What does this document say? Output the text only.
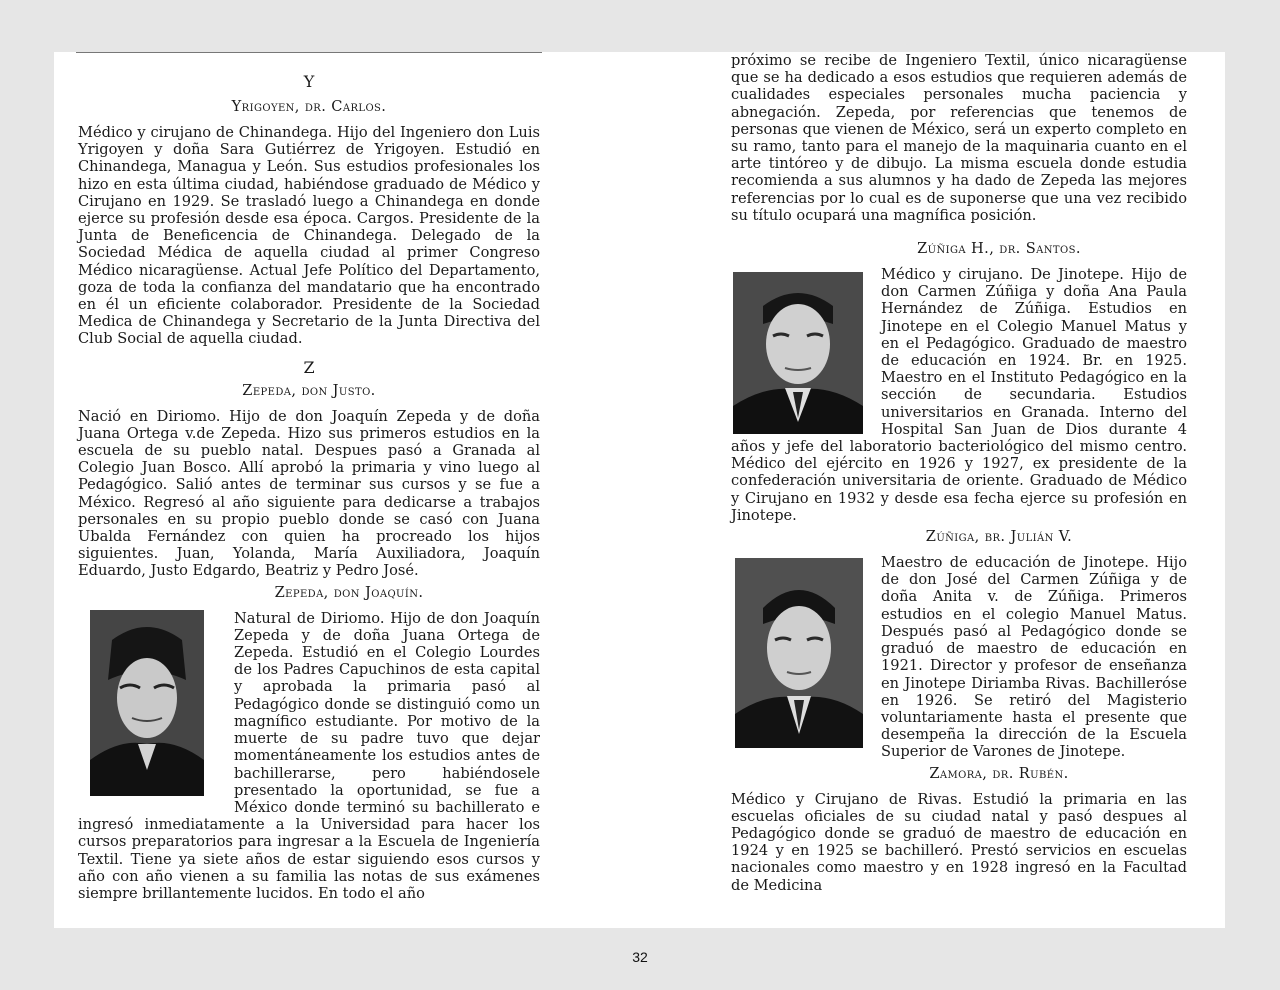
Y
Yrigoyen, dr. Carlos.

Médico y cirujano de Chinandega. Hijo del Ingeniero don Luis Yrigoyen y doña Sara Gutiérrez de Yrigoyen. Estudió en Chinandega, Managua y León. Sus estudios profesionales los hizo en esta última ciudad, habiéndose graduado de Médico y Cirujano en 1929. Se trasladó luego a Chinandega en donde ejerce su profesión desde esa época. Cargos. Presidente de la Junta de Beneficencia de Chinandega. Delegado de la Sociedad Médica de aquella ciudad al primer Congreso Médico nicaragüense. Actual Jefe Político del Departamento, goza de toda la confianza del mandatario que ha encontrado en él un eficiente colaborador. Presidente de la Sociedad Medica de Chinandega y Secretario de la Junta Directiva del Club Social de aquella ciudad.

Z
Zepeda, don Justo.

Nació en Diriomo. Hijo de don Joaquín Zepeda y de doña Juana Ortega v.de Zepeda. Hizo sus primeros estudios en la escuela de su pueblo natal. Despues pasó a Granada al Colegio Juan Bosco. Allí aprobó la primaria y vino luego al Pedagógico. Salió antes de terminar sus cursos y se fue a México. Regresó al año siguiente para dedicarse a trabajos personales en su propio pueblo donde se casó con Juana Ubalda Fernández con quien ha procreado los hijos siguientes. Juan, Yolanda, María Auxiliadora, Joaquín Eduardo, Justo Edgardo, Beatriz y Pedro José.

Zepeda, don Joaquín.

Natural de Diriomo. Hijo de don Joaquín Zepeda y de doña Juana Ortega de Zepeda. Estudió en el Colegio Lourdes de los Padres Capuchinos de esta capital y aprobada la primaria pasó al Pedagógico donde se distinguió como un magnífico estudiante. Por motivo de la muerte de su padre tuvo que dejar momentáneamente los estudios antes de bachillerarse, pero habiéndosele presentado la oportunidad, se fue a México donde terminó su bachillerato e ingresó inmediatamente a la Universidad para hacer los cursos preparatorios para ingresar a la Escuela de Ingeniería Textil. Tiene ya siete años de estar siguiendo esos cursos y año con año vienen a su familia las notas de sus exámenes siempre brillantemente lucidos. En todo el año

próximo se recibe de Ingeniero Textil, único nicaragüense que se ha dedicado a esos estudios que requieren además de cualidades especiales personales mucha paciencia y abnegación. Zepeda, por referencias que tenemos de personas que vienen de México, será un experto completo en su ramo, tanto para el manejo de la maquinaria cuanto en el arte tintóreo y de dibujo. La misma escuela donde estudia recomienda a sus alumnos y ha dado de Zepeda las mejores referencias por lo cual es de suponerse que una vez recibido su título ocupará una magnífica posición.

Zúñiga H., dr. Santos.

Médico y cirujano. De Jinotepe. Hijo de don Carmen Zúñiga y doña Ana Paula Hernández de Zúñiga. Estudios en Jinotepe en el Colegio Manuel Matus y en el Pedagógico. Graduado de maestro de educación en 1924. Br. en 1925. Maestro en el Instituto Pedagógico en la sección de secundaria. Estudios universitarios en Granada. Interno del Hospital San Juan de Dios durante 4 años y jefe del laboratorio bacteriológico del mismo centro. Médico del ejército en 1926 y 1927, ex presidente de la confederación universitaria de oriente. Graduado de Médico y Cirujano en 1932 y desde esa fecha ejerce su profesión en Jinotepe.

Zúñiga, br. Julián V.

Maestro de educación de Jinotepe. Hijo de don José del Carmen Zúñiga y de doña Anita v. de Zúñiga. Primeros estudios en el colegio Manuel Matus. Después pasó al Pedagógico donde se graduó de maestro de educación en 1921. Director y profesor de enseñanza en Jinotepe Diriamba Rivas. Bachilleróse en 1926. Se retiró del Magisterio voluntariamente hasta el presente que desempeña la dirección de la Escuela Superior de Varones de Jinotepe.

Zamora, dr. Rubén.

Médico y Cirujano de Rivas. Estudió la primaria en las escuelas oficiales de su ciudad natal y pasó despues al Pedagógico donde se graduó de maestro de educación en 1924 y en 1925 se bachilleró. Prestó servicios en escuelas nacionales como maestro y en 1928 ingresó en la Facultad de Medicina

32
